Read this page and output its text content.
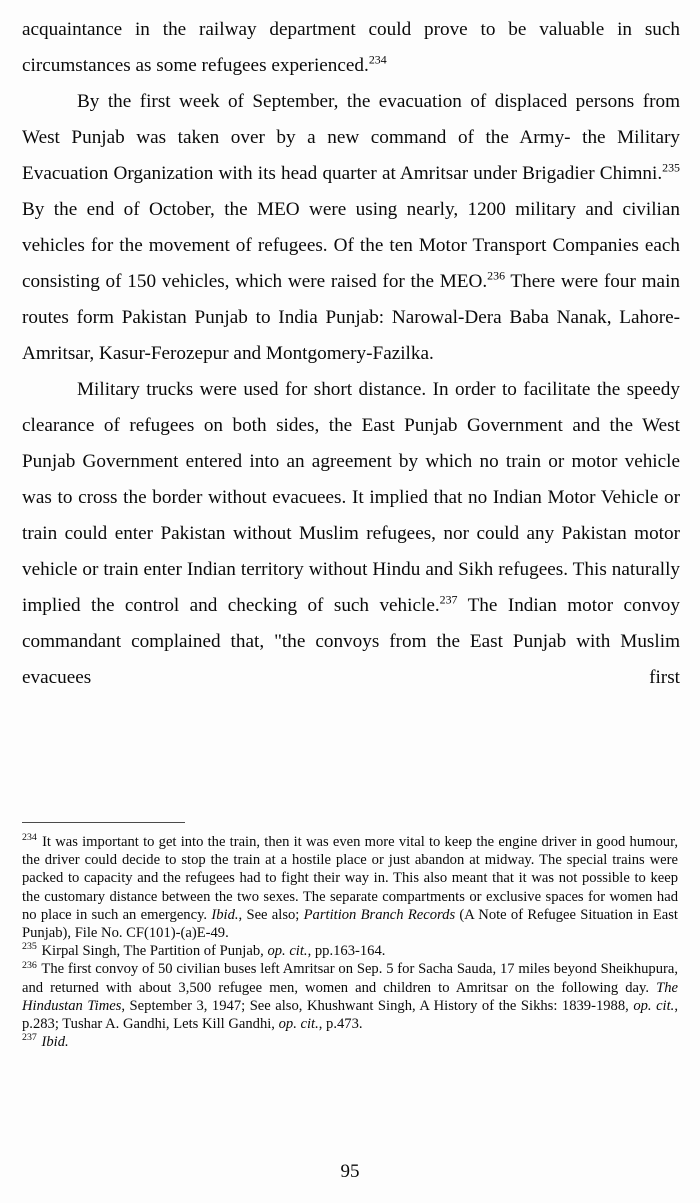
acquaintance in the railway department could prove to be valuable in such circumstances as some refugees experienced.$^{234}$

By the first week of September, the evacuation of displaced persons from West Punjab was taken over by a new command of the Army- the Military Evacuation Organization with its head quarter at Amritsar under Brigadier Chimni.$^{235}$ By the end of October, the MEO were using nearly, 1200 military and civilian vehicles for the movement of refugees. Of the ten Motor Transport Companies each consisting of 150 vehicles, which were raised for the MEO.$^{236}$ There were four main routes form Pakistan Punjab to India Punjab: Narowal-Dera Baba Nanak, Lahore-Amritsar, Kasur-Ferozepur and Montgomery-Fazilka.

Military trucks were used for short distance. In order to facilitate the speedy clearance of refugees on both sides, the East Punjab Government and the West Punjab Government entered into an agreement by which no train or motor vehicle was to cross the border without evacuees. It implied that no Indian Motor Vehicle or train could enter Pakistan without Muslim refugees, nor could any Pakistan motor vehicle or train enter Indian territory without Hindu and Sikh refugees. This naturally implied the control and checking of such vehicle.$^{237}$ The Indian motor convoy commandant complained that, "the convoys from the East Punjab with Muslim evacuees first

$^{234}$ It was important to get into the train, then it was even more vital to keep the engine driver in good humour, the driver could decide to stop the train at a hostile place or just abandon at midway. The special trains were packed to capacity and the refugees had to fight their way in. This also meant that it was not possible to keep the customary distance between the two sexes. The separate compartments or exclusive spaces for women had no place in such an emergency. Ibid., See also; Partition Branch Records (A Note of Refugee Situation in East Punjab), File No. CF(101)-(a)E-49.

$^{235}$ Kirpal Singh, The Partition of Punjab, op. cit., pp.163-164.

$^{236}$ The first convoy of 50 civilian buses left Amritsar on Sep. 5 for Sacha Sauda, 17 miles beyond Sheikhupura, and returned with about 3,500 refugee men, women and children to Amritsar on the following day. The Hindustan Times, September 3, 1947; See also, Khushwant Singh, A History of the Sikhs: 1839-1988, op. cit., p.283; Tushar A. Gandhi, Lets Kill Gandhi, op. cit., p.473.

$^{237}$ Ibid.

95
